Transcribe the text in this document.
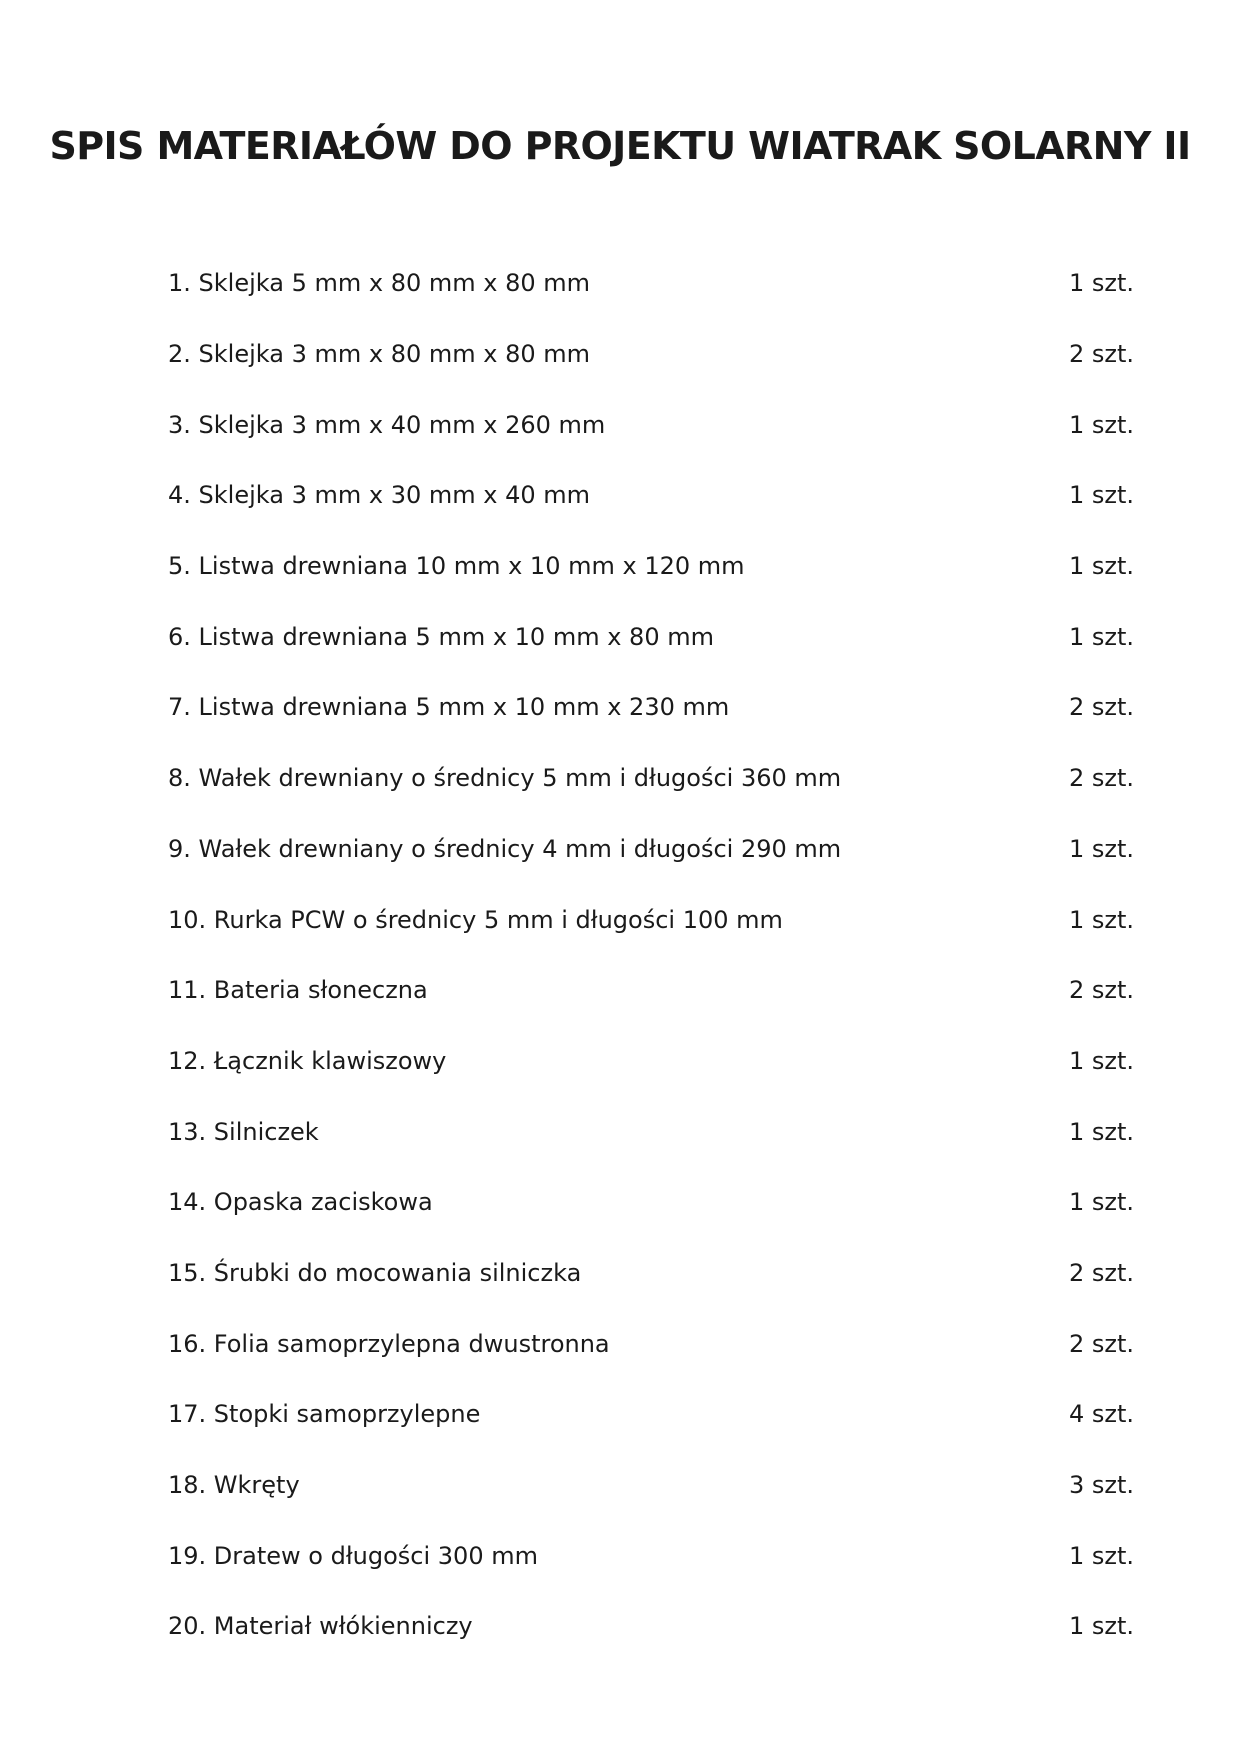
SPIS MATERIAŁÓW DO PROJEKTU WIATRAK SOLARNY II
1. Sklejka 5 mm x 80 mm x 80 mm	1 szt.
2. Sklejka 3 mm x 80 mm x 80 mm	2 szt.
3. Sklejka 3 mm x 40 mm x 260 mm	1 szt.
4. Sklejka 3 mm x 30 mm x 40 mm	1 szt.
5. Listwa drewniana 10 mm x 10 mm x 120 mm	1 szt.
6. Listwa drewniana 5 mm x 10 mm x 80 mm	1 szt.
7. Listwa drewniana 5 mm x 10 mm x 230 mm	2 szt.
8. Wałek drewniany o średnicy 5 mm i długości 360 mm	2 szt.
9. Wałek drewniany o średnicy 4 mm i długości 290 mm	1 szt.
10. Rurka PCW o średnicy 5 mm i długości 100 mm	1 szt.
11. Bateria słoneczna	2 szt.
12. Łącznik klawiszowy	1 szt.
13. Silniczek	1 szt.
14. Opaska zaciskowa	1 szt.
15. Śrubki do mocowania silniczka	2 szt.
16. Folia samoprzylepna dwustronna	2 szt.
17. Stopki samoprzylepne	4 szt.
18. Wkręty	3 szt.
19. Dratew o długości 300 mm	1 szt.
20. Materiał włókienniczy	1 szt.
